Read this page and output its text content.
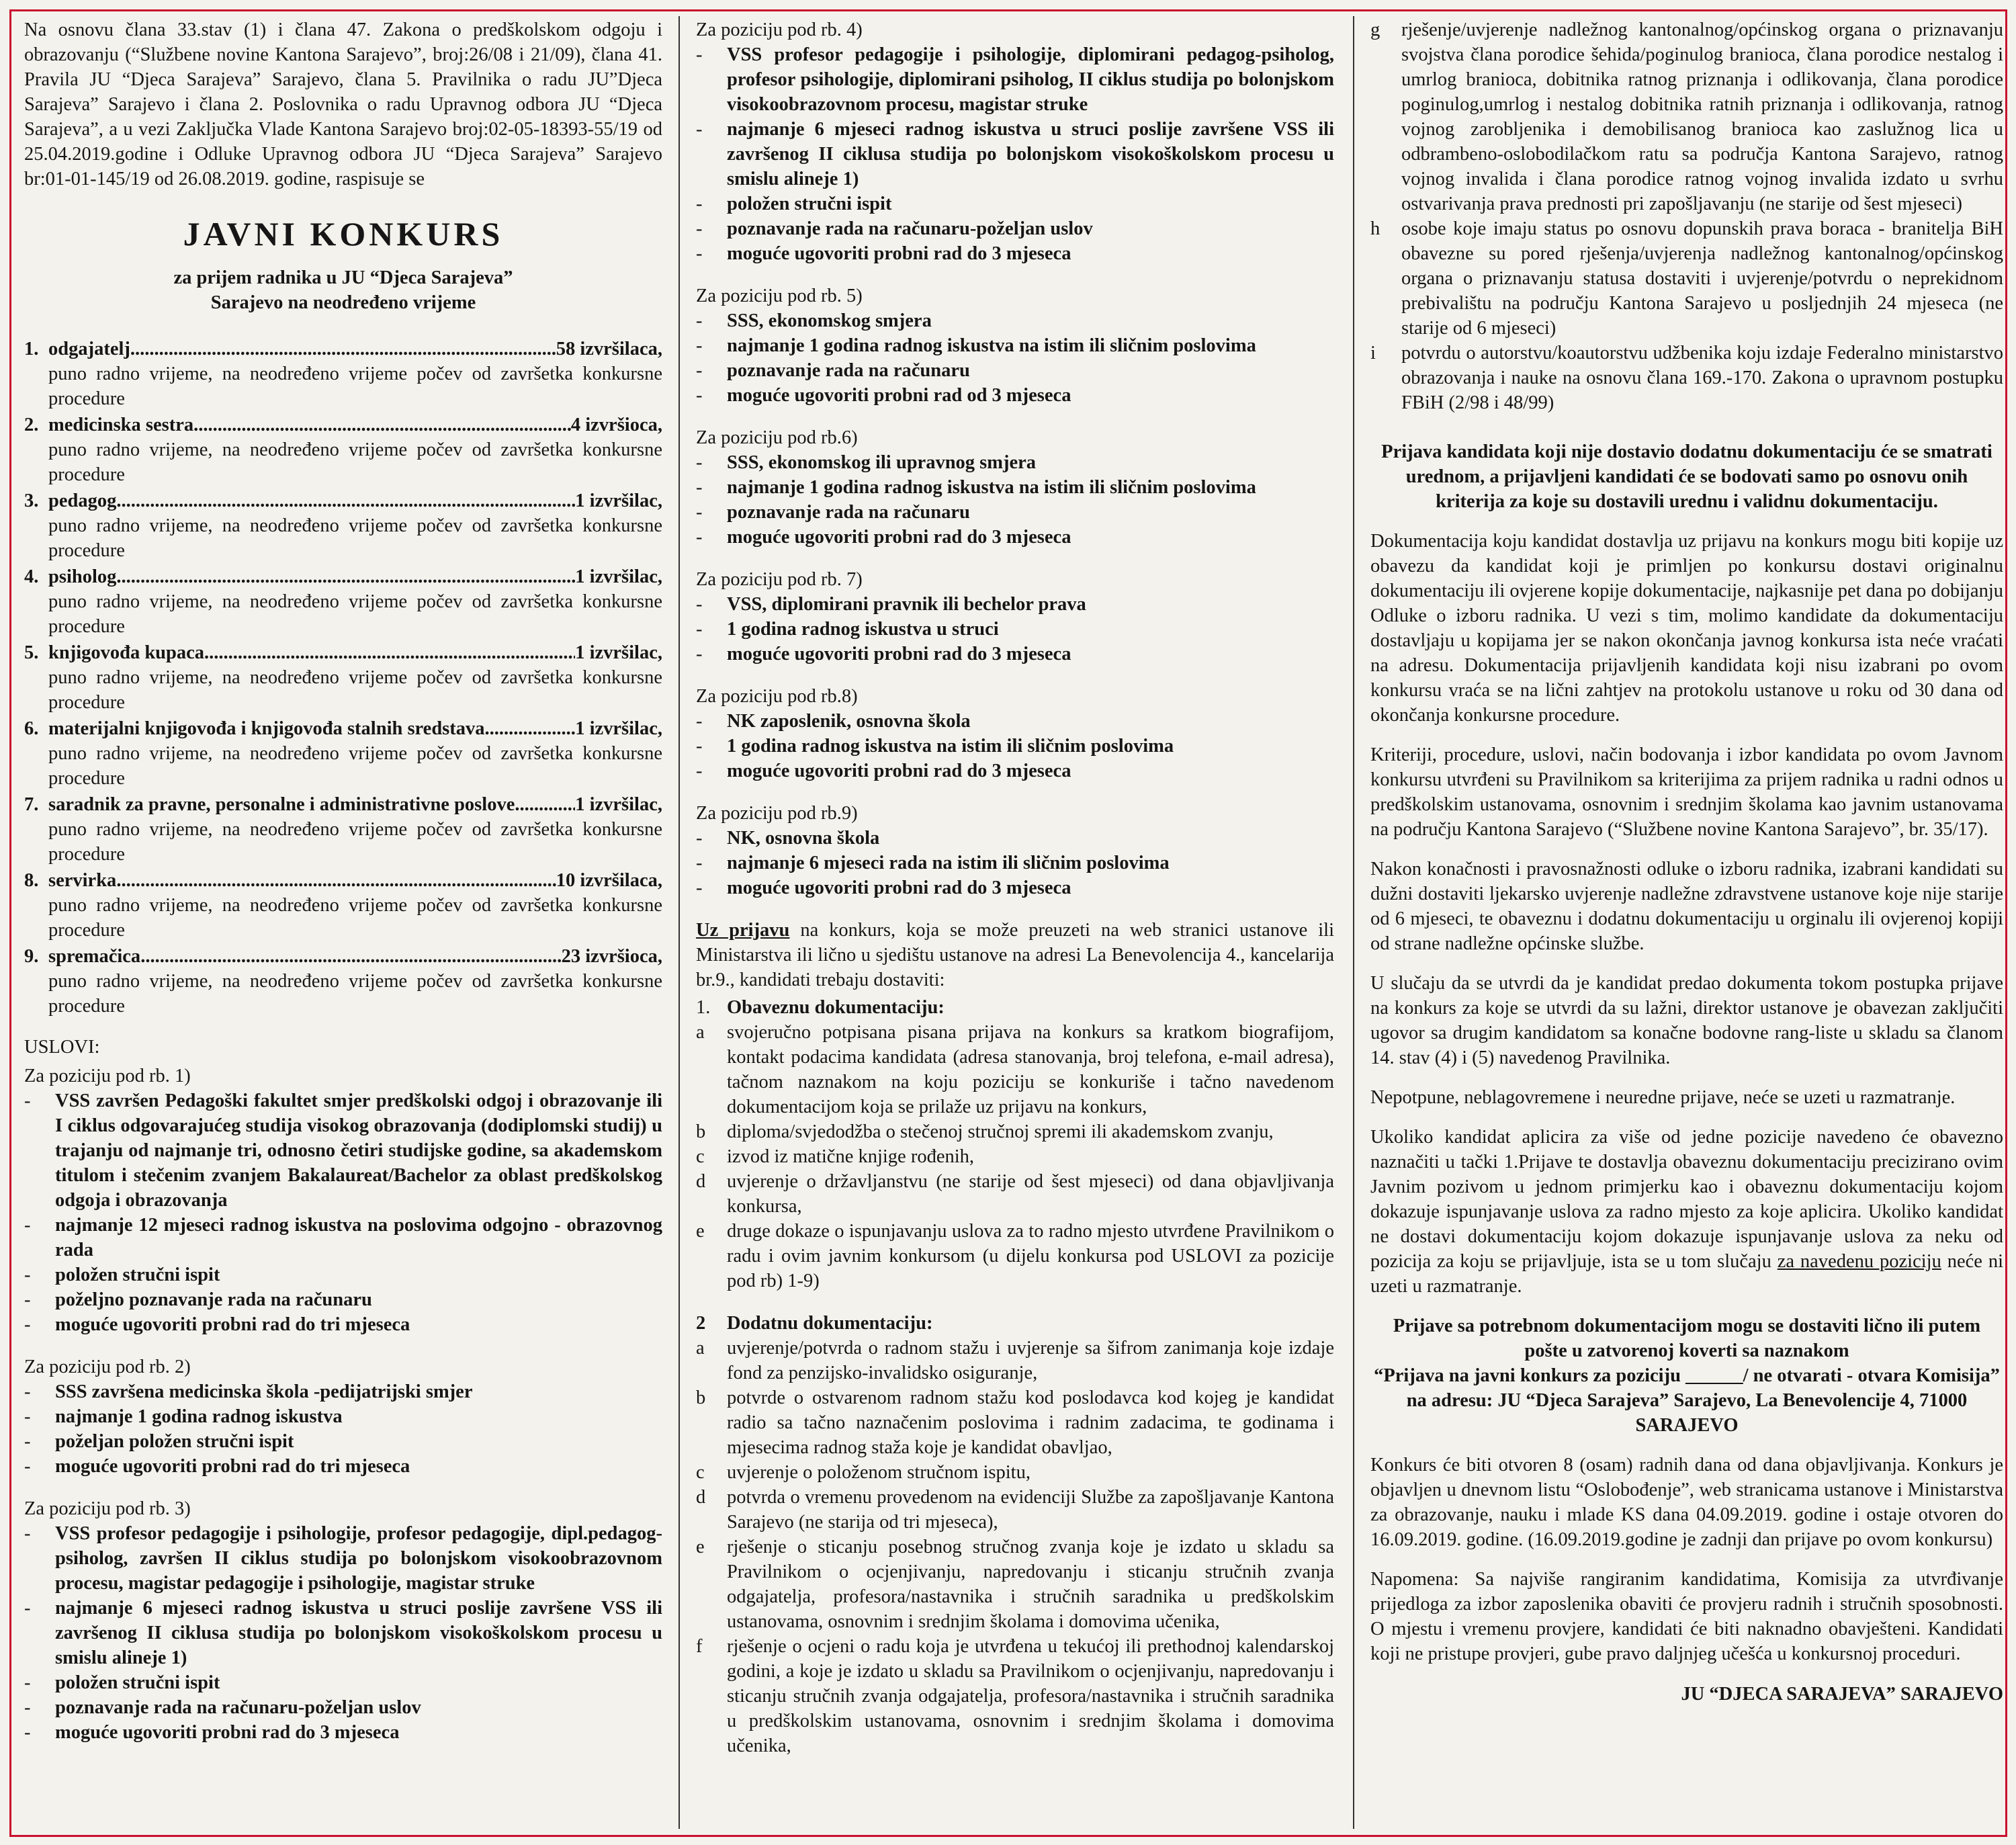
Na osnovu člana 33.stav (1) i člana 47. Zakona o predškolskom odgoju i obrazovanju (“Službene novine Kantona Sarajevo”, broj:26/08 i 21/09), člana 41. Pravila JU “Djeca Sarajeva” Sarajevo, člana 5. Pravilnika o radu JU”Djeca Sarajeva” Sarajevo i člana 2. Poslovnika o radu Upravnog odbora JU “Djeca Sarajeva”, a u vezi Zaključka Vlade Kantona Sarajevo broj:02-05-18393-55/19 od 25.04.2019.godine i Odluke Upravnog odbora JU “Djeca Sarajeva” Sarajevo br:01-01-145/19 od 26.08.2019. godine, raspisuje se

JAVNI KONKURS
za prijem radnika u JU “Djeca Sarajeva”
Sarajevo na neodređeno vrijeme
1. odgajatelj .....	58 izvršilaca,
puno radno vrijeme, na neodređeno vrijeme počev od završetka konkursne procedure
2. medicinska sestra .....	4 izvršioca,
puno radno vrijeme, na neodređeno vrijeme počev od završetka konkursne procedure
3. pedagog .....	1 izvršilac,
puno radno vrijeme, na neodređeno vrijeme počev od završetka konkursne procedure
4. psiholog .....	1 izvršilac,
puno radno vrijeme, na neodređeno vrijeme počev od završetka konkursne procedure
5. knjigovođa kupaca .....	1 izvršilac,
puno radno vrijeme, na neodređeno vrijeme počev od završetka konkursne procedure
6. materijalni knjigovođa i knjigovođa stalnih sredstava .....	1 izvršilac,
puno radno vrijeme, na neodređeno vrijeme počev od završetka konkursne procedure
7. saradnik za pravne, personalne i administrativne poslove .....	1 izvršilac,
puno radno vrijeme, na neodređeno vrijeme počev od završetka konkursne procedure
8. servirka .....	10 izvršilaca,
puno radno vrijeme, na neodređeno vrijeme počev od završetka konkursne procedure
9. spremačica .....	23 izvršioca,
puno radno vrijeme, na neodređeno vrijeme počev od završetka konkursne procedure

USLOVI:

Za poziciju pod rb. 1)

-	VSS završen Pedagoški fakultet smjer predškolski odgoj i obrazovanje ili I ciklus odgovarajućeg studija visokog obrazovanja (dodiplomski studij) u trajanju od najmanje tri, odnosno četiri studijske godine, sa akademskom titulom i stečenim zvanjem Bakalaureat/Bachelor za oblast predškolskog odgoja i obrazovanja
-	najmanje 12 mjeseci radnog iskustva na poslovima odgojno - obrazovnog rada
-	položen stručni ispit
-	poželjno poznavanje rada na računaru
-	moguće ugovoriti probni rad do tri mjeseca

Za poziciju pod rb. 2)

-	SSS završena medicinska škola -pedijatrijski smjer
-	najmanje 1 godina radnog iskustva
-	poželjan položen stručni ispit
-	moguće ugovoriti probni rad do tri mjeseca

Za poziciju pod rb. 3)

-	VSS profesor pedagogije i psihologije, profesor pedagogije, dipl.pedagog-psiholog, završen II ciklus studija po bolonjskom visokoobrazovnom procesu, magistar pedagogije i psihologije, magistar struke
-	najmanje 6 mjeseci radnog iskustva u struci poslije završene VSS ili završenog II ciklusa studija po bolonjskom visokoškolskom procesu u smislu alineje 1)
-	položen stručni ispit
-	poznavanje rada na računaru-poželjan uslov
-	moguće ugovoriti probni rad do 3 mjeseca

Za poziciju pod rb. 4)

-	VSS profesor pedagogije i psihologije, diplomirani pedagog-psiholog, profesor psihologije, diplomirani psiholog, II ciklus studija po bolonjskom visokoobrazovnom procesu, magistar struke
-	najmanje 6 mjeseci radnog iskustva u struci poslije završene VSS ili završenog II ciklusa studija po bolonjskom visokoškolskom procesu u smislu alineje 1)
-	položen stručni ispit
-	poznavanje rada na računaru-poželjan uslov
-	moguće ugovoriti probni rad do 3 mjeseca

Za poziciju pod rb. 5)

-	SSS, ekonomskog smjera
-	najmanje 1 godina radnog iskustva na istim ili sličnim poslovima
-	poznavanje rada na računaru
-	moguće ugovoriti probni rad od 3 mjeseca

Za poziciju pod rb.6)

-	SSS, ekonomskog ili upravnog smjera
-	najmanje 1 godina radnog iskustva na istim ili sličnim poslovima
-	poznavanje rada na računaru
-	moguće ugovoriti probni rad do 3 mjeseca

Za poziciju pod rb. 7)

-	VSS, diplomirani pravnik ili bechelor prava
-	1 godina radnog iskustva u struci
-	moguće ugovoriti probni rad do 3 mjeseca

Za poziciju pod rb.8)

-	NK zaposlenik, osnovna škola
-	1 godina radnog iskustva na istim ili sličnim poslovima
-	moguće ugovoriti probni rad do 3 mjeseca

Za poziciju pod rb.9)

-	NK, osnovna škola
-	najmanje 6 mjeseci rada na istim ili sličnim poslovima
-	moguće ugovoriti probni rad do 3 mjeseca

Uz prijavu na konkurs, koja se može preuzeti na web stranici ustanove ili Ministarstva ili lično u sjedištu ustanove na adresi La Benevolencija 4., kancelarija br.9., kandidati trebaju dostaviti:

1. Obaveznu dokumentaciju:
a	svojeručno potpisana pisana prijava na konkurs sa kratkom biografijom, kontakt podacima kandidata (adresa stanovanja, broj telefona, e-mail adresa), tačnom naznakom na koju poziciju se konkuriše i tačno navedenom dokumentacijom koja se prilaže uz prijavu na konkurs,
b	diploma/svjedodžba o stečenoj stručnoj spremi ili akademskom zvanju,
c	izvod iz matične knjige rođenih,
d	uvjerenje o državljanstvu (ne starije od šest mjeseci) od dana objavljivanja konkursa,
e	druge dokaze o ispunjavanju uslova za to radno mjesto utvrđene Pravilnikom o radu i ovim javnim konkursom (u dijelu konkursa pod USLOVI za pozicije pod rb) 1-9)
2	Dodatnu dokumentaciju:
a	uvjerenje/potvrda o radnom stažu i uvjerenje sa šifrom zanimanja koje izdaje fond za penzijsko-invalidsko osiguranje,
b	potvrde o ostvarenom radnom stažu kod poslodavca kod kojeg je kandidat radio sa tačno naznačenim poslovima i radnim zadacima, te godinama i mjesecima radnog staža koje je kandidat obavljao,
c	uvjerenje o položenom stručnom ispitu,
d	potvrda o vremenu provedenom na evidenciji Službe za zapošljavanje Kantona Sarajevo (ne starija od tri mjeseca),
e	rješenje o sticanju posebnog stručnog zvanja koje je izdato u skladu sa Pravilnikom o ocjenjivanju, napredovanju i sticanju stručnih zvanja odgajatelja, profesora/nastavnika i stručnih saradnika u predškolskim ustanovama, osnovnim i srednjim školama i domovima učenika,
f	rješenje o ocjeni o radu koja je utvrđena u tekućoj ili prethodnoj kalendarskoj godini, a koje je izdato u skladu sa Pravilnikom o ocjenjivanju, napredovanju i sticanju stručnih zvanja odgajatelja, profesora/nastavnika i stručnih saradnika u predškolskim ustanovama, osnovnim i srednjim školama i domovima učenika,
g	rješenje/uvjerenje nadležnog kantonalnog/općinskog organa o priznavanju svojstva člana porodice šehida/poginulog branioca, člana porodice nestalog i umrlog branioca, dobitnika ratnog priznanja i odlikovanja, člana porodice poginulog,umrlog i nestalog dobitnika ratnih priznanja i odlikovanja, ratnog vojnog zarobljenika i demobilisanog branioca kao zaslužnog lica u odbrambeno-oslobodilačkom ratu sa područja Kantona Sarajevo, ratnog vojnog invalida i člana porodice ratnog vojnog invalida izdato u svrhu ostvarivanja prava prednosti pri zapošljavanju (ne starije od šest mjeseci)
h	osobe koje imaju status po osnovu dopunskih prava boraca - branitelja BiH obavezne su pored rješenja/uvjerenja nadležnog kantonalnog/općinskog organa o priznavanju statusa dostaviti i uvjerenje/potvrdu o neprekidnom prebivalištu na području Kantona Sarajevo u posljednjih 24 mjeseca (ne starije od 6 mjeseci)
i	potvrdu o autorstvu/koautorstvu udžbenika koju izdaje Federalno ministarstvo obrazovanja i nauke na osnovu člana 169.-170. Zakona o upravnom postupku FBiH (2/98 i 48/99)

Prijava kandidata koji nije dostavio dodatnu dokumentaciju će se smatrati urednom, a prijavljeni kandidati će se bodovati samo po osnovu onih kriterija za koje su dostavili urednu i validnu dokumentaciju.

Dokumentacija koju kandidat dostavlja uz prijavu na konkurs mogu biti kopije uz obavezu da kandidat koji je primljen po konkursu dostavi originalnu dokumentaciju ili ovjerene kopije dokumentacije, najkasnije pet dana po dobijanju Odluke o izboru radnika. U vezi s tim, molimo kandidate da dokumentaciju dostavljaju u kopijama jer se nakon okončanja javnog konkursa ista neće vraćati na adresu. Dokumentacija prijavljenih kandidata koji nisu izabrani po ovom konkursu vraća se na lični zahtjev na protokolu ustanove u roku od 30 dana od okončanja konkursne procedure.

Kriteriji, procedure, uslovi, način bodovanja i izbor kandidata po ovom Javnom konkursu utvrđeni su Pravilnikom sa kriterijima za prijem radnika u radni odnos u predškolskim ustanovama, osnovnim i srednjim školama kao javnim ustanovama na području Kantona Sarajevo (“Službene novine Kantona Sarajevo”, br. 35/17).

Nakon konačnosti i pravosnažnosti odluke o izboru radnika, izabrani kandidati su dužni dostaviti ljekarsko uvjerenje nadležne zdravstvene ustanove koje nije starije od 6 mjeseci, te obaveznu i dodatnu dokumentaciju u orginalu ili ovjerenoj kopiji od strane nadležne općinske službe.

U slučaju da se utvrdi da je kandidat predao dokumenta tokom postupka prijave na konkurs za koje se utvrdi da su lažni, direktor ustanove je obavezan zaključiti ugovor sa drugim kandidatom sa konačne bodovne rang-liste u skladu sa članom 14. stav (4) i (5) navedenog Pravilnika.

Nepotpune, neblagovremene i neuredne prijave, neće se uzeti u razmatranje.

Ukoliko kandidat aplicira za više od jedne pozicije navedeno će obavezno naznačiti u tački 1.Prijave te dostavlja obaveznu dokumentaciju precizirano ovim Javnim pozivom u jednom primjerku kao i obaveznu dokumentaciju kojom dokazuje ispunjavanje uslova za radno mjesto za koje aplicira. Ukoliko kandidat ne dostavi dokumentaciju kojom dokazuje ispunjavanje uslova za neku od pozicija za koju se prijavljuje, ista se u tom slučaju za navedenu poziciju neće ni uzeti u razmatranje.

Prijave sa potrebnom dokumentacijom mogu se dostaviti lično ili putem pošte u zatvorenoj koverti sa naznakom
“Prijava na javni konkurs za poziciju ______/ ne otvarati - otvara Komisija” na adresu: JU “Djeca Sarajeva” Sarajevo, La Benevolencije 4, 71000 SARAJEVO

Konkurs će biti otvoren 8 (osam) radnih dana od dana objavljivanja. Konkurs je objavljen u dnevnom listu “Oslobođenje”, web stranicama ustanove i Ministarstva za obrazovanje, nauku i mlade KS dana 04.09.2019. godine i ostaje otvoren do 16.09.2019. godine. (16.09.2019.godine je zadnji dan prijave po ovom konkursu)

Napomena: Sa najviše rangiranim kandidatima, Komisija za utvrđivanje prijedloga za izbor zaposlenika obaviti će provjeru radnih i stručnih sposobnosti. O mjestu i vremenu provjere, kandidati će biti naknadno obavješteni. Kandidati koji ne pristupe provjeri, gube pravo daljnjeg učešća u konkursnoj proceduri.

JU “DJECA SARAJEVA” SARAJEVO
